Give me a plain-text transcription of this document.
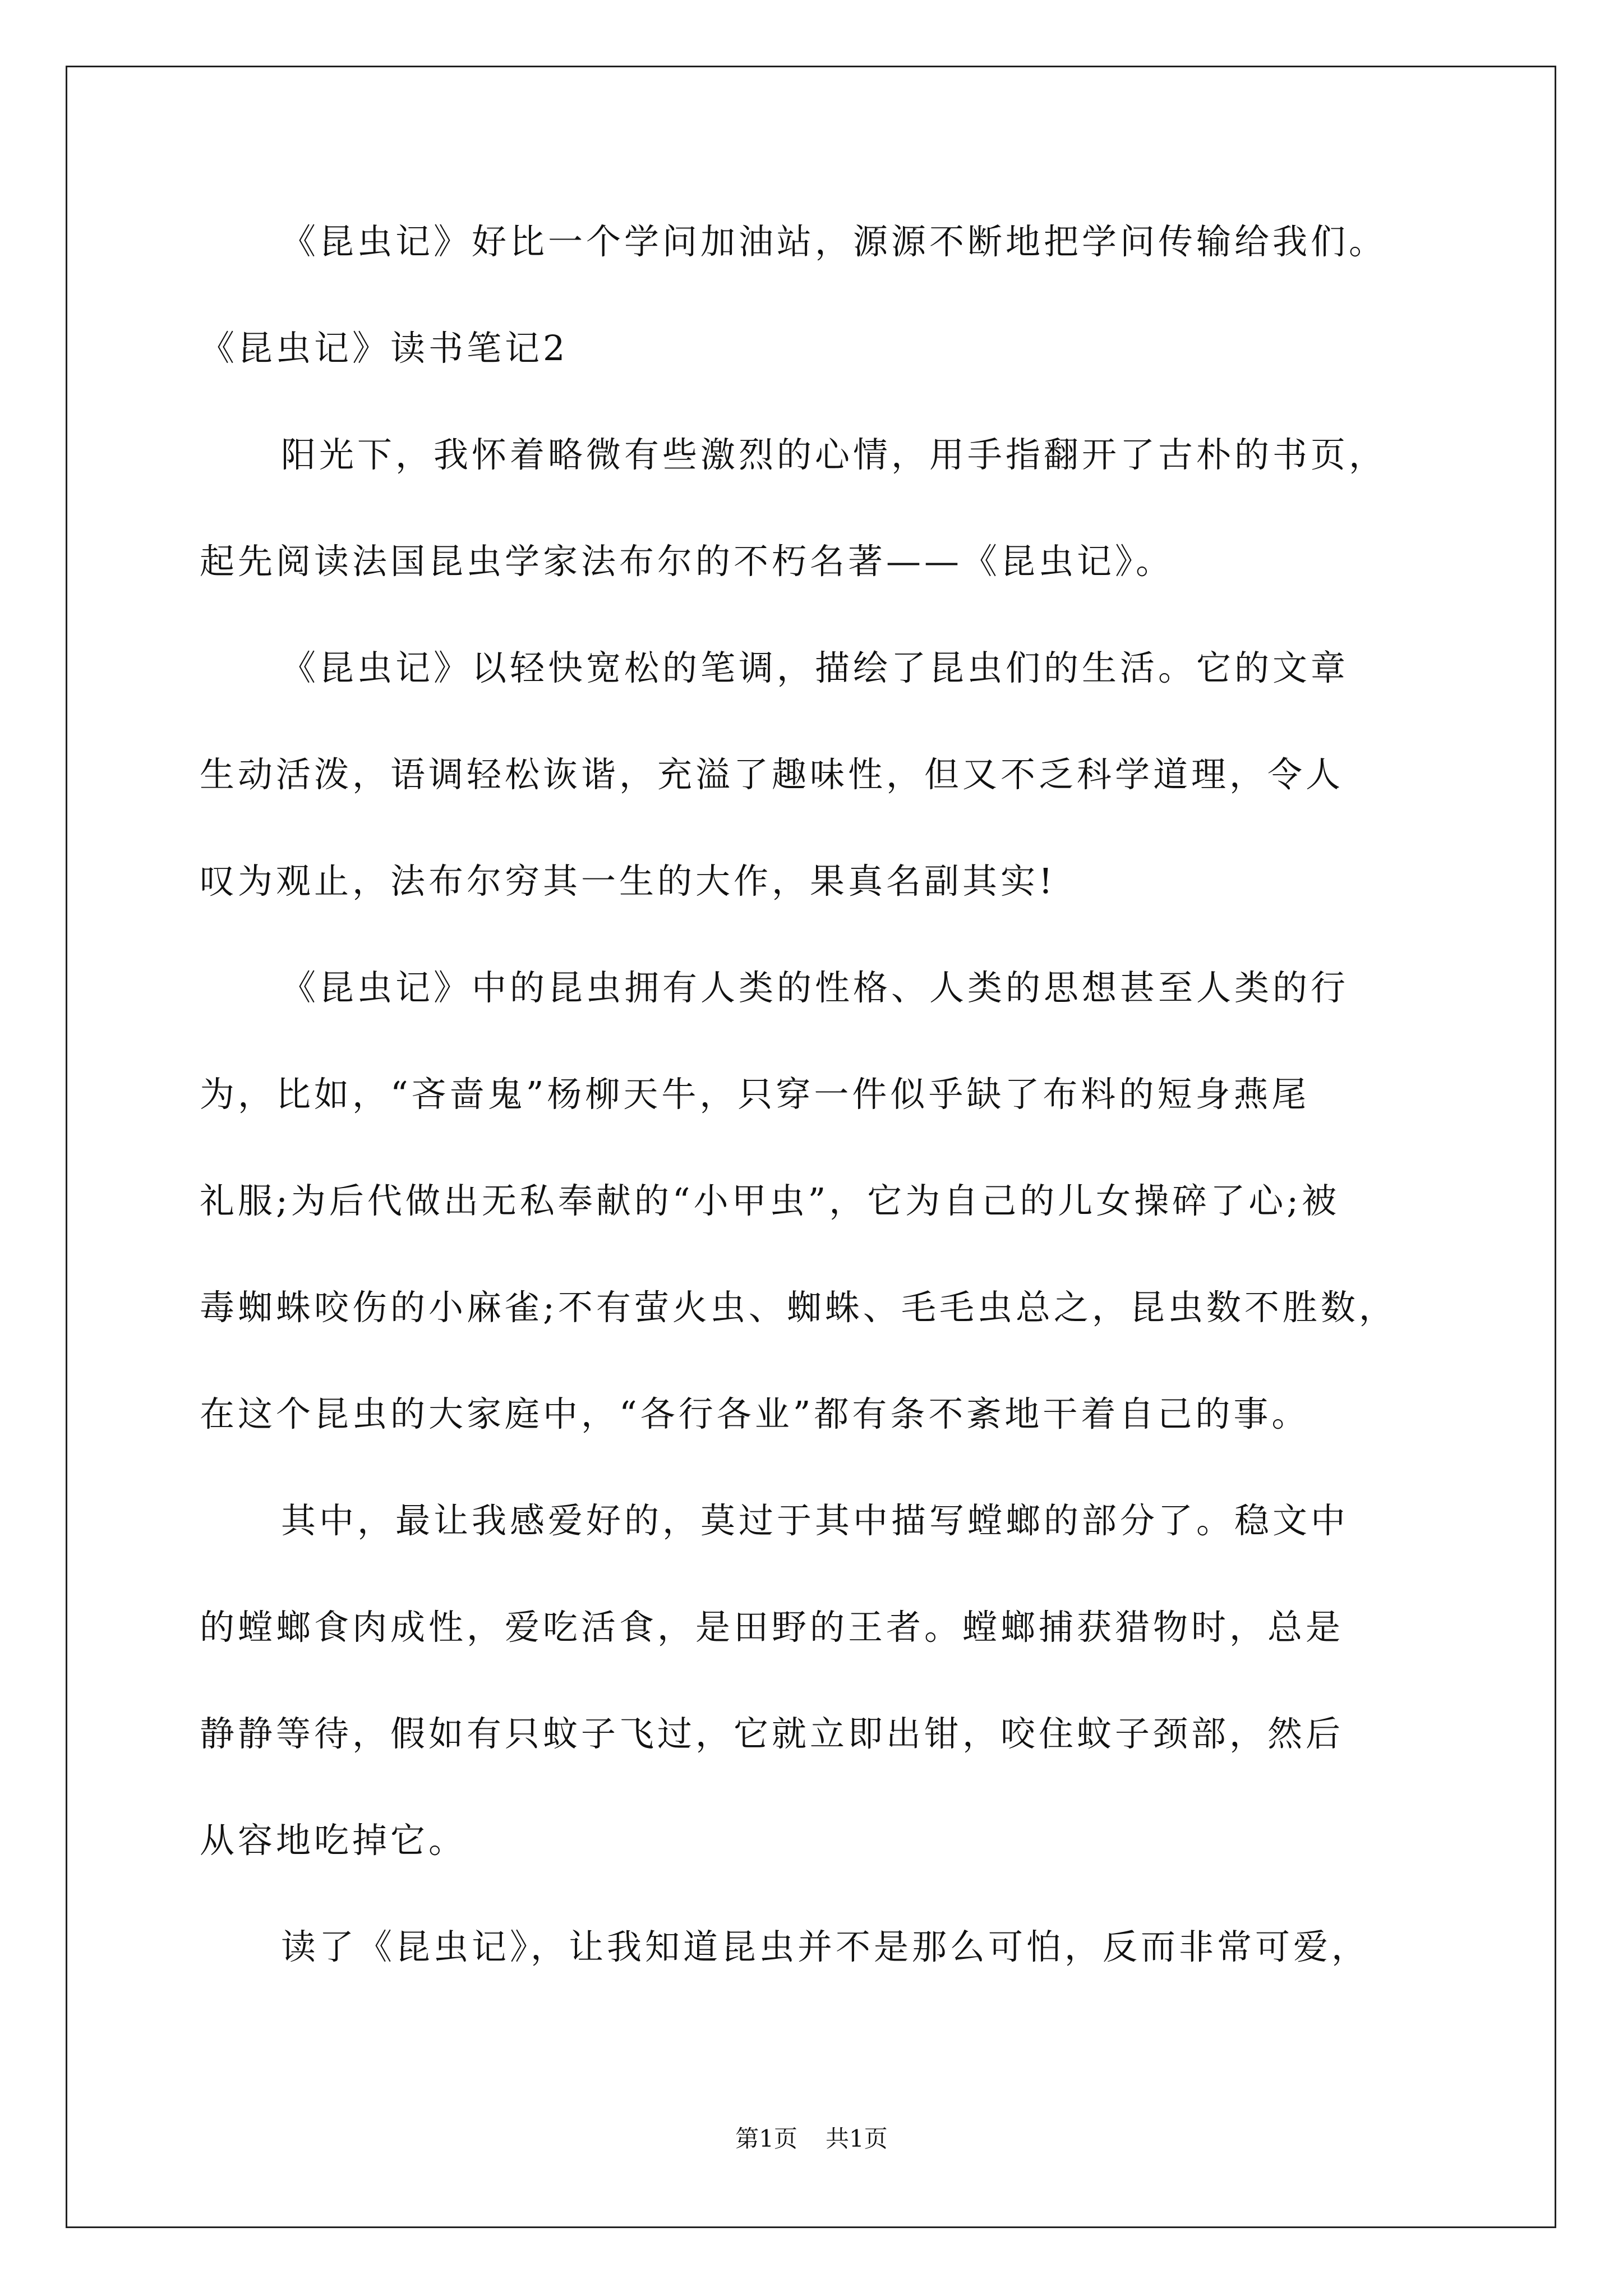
《昆虫记》好比一个学问加油站，源源不断地把学问传输给我们。
《昆虫记》读书笔记2
阳光下，我怀着略微有些激烈的心情，用手指翻开了古朴的书页，
起先阅读法国昆虫学家法布尔的不朽名著——《昆虫记》。
《昆虫记》以轻快宽松的笔调，描绘了昆虫们的生活。它的文章
生动活泼，语调轻松诙谐，充溢了趣味性，但又不乏科学道理，令人
叹为观止，法布尔穷其一生的大作，果真名副其实!
《昆虫记》中的昆虫拥有人类的性格、人类的思想甚至人类的行
为，比如，“吝啬鬼”杨柳天牛，只穿一件似乎缺了布料的短身燕尾
礼服;为后代做出无私奉献的“小甲虫”，它为自己的儿女操碎了心;被
毒蜘蛛咬伤的小麻雀;不有萤火虫、蜘蛛、毛毛虫总之，昆虫数不胜数，
在这个昆虫的大家庭中，“各行各业”都有条不紊地干着自己的事。
其中，最让我感爱好的，莫过于其中描写螳螂的部分了。稳文中
的螳螂食肉成性，爱吃活食，是田野的王者。螳螂捕获猎物时，总是
静静等待，假如有只蚊子飞过，它就立即出钳，咬住蚊子颈部，然后
从容地吃掉它。
读了《昆虫记》，让我知道昆虫并不是那么可怕，反而非常可爱，
第1页 共1页
